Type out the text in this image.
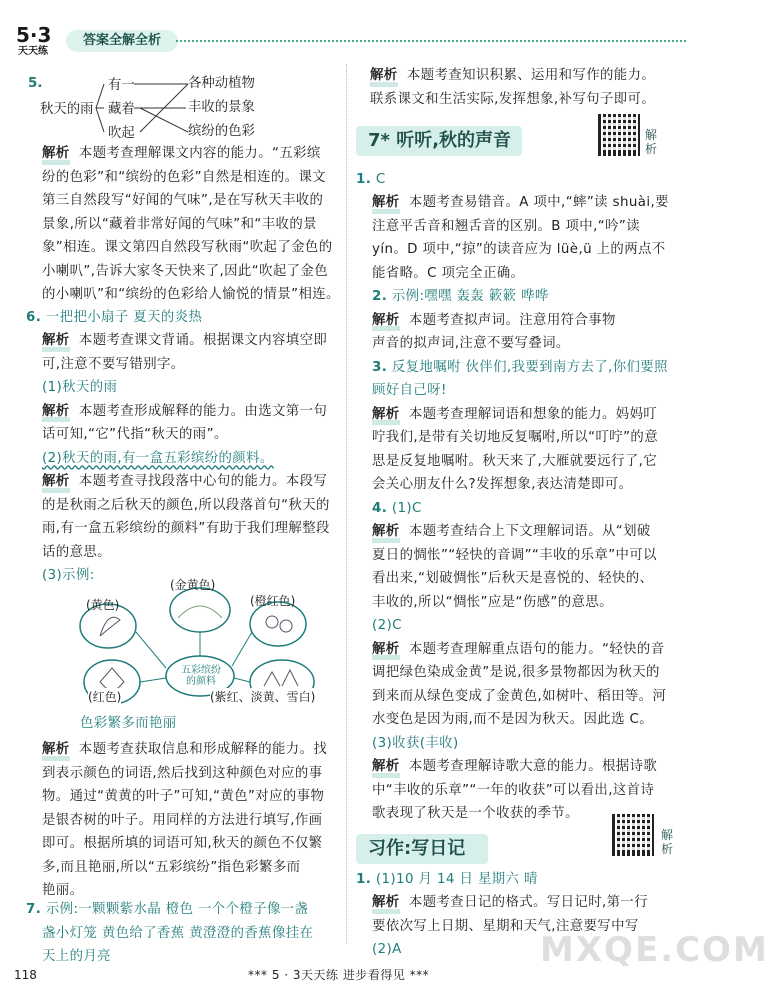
5·3
天天练
答案全解全析
5.
秋天的雨
有一
藏着
吹起
各种动植物
丰收的景象
缤纷的色彩

解析 本题考查理解课文内容的能力。“五彩缤

纷的色彩”和“缤纷的色彩”自然是相连的。课文

第三自然段写“好闻的气味”,是在写秋天丰收的

景象,所以“藏着非常好闻的气味”和“丰收的景

象”相连。课文第四自然段写秋雨“吹起了金色的

小喇叭”,告诉大家冬天快来了,因此“吹起了金色

的小喇叭”和“缤纷的色彩给人愉悦的情景”相连。

6. 一把把小扇子 夏天的炎热

解析 本题考查课文背诵。根据课文内容填空即

可,注意不要写错别字。

(1)秋天的雨

解析 本题考查形成解释的能力。由选文第一句

话可知,“它”代指“秋天的雨”。

(2)秋天的雨,有一盒五彩缤纷的颜料。

解析 本题考查寻找段落中心句的能力。本段写

的是秋雨之后秋天的颜色,所以段落首句“秋天的

雨,有一盒五彩缤纷的颜料”有助于我们理解整段

话的意思。

(3)示例:

五彩缤纷的颜料
(金黄色)
(黄色)	(橙红色)
(红色)	(紫红、淡黄、雪白)

色彩繁多而艳丽

解析 本题考查获取信息和形成解释的能力。找

到表示颜色的词语,然后找到这种颜色对应的事

物。通过“黄黄的叶子”可知,“黄色”对应的事物

是银杏树的叶子。用同样的方法进行填写,作画

即可。根据所填的词语可知,秋天的颜色不仅繁

多,而且艳丽,所以“五彩缤纷”指色彩繁多而

艳丽。

7. 示例:一颗颗紫水晶 橙色 一个个橙子像一盏

盏小灯笼 黄色给了香蕉 黄澄澄的香蕉像挂在

天上的月亮

解析 本题考查知识积累、运用和写作的能力。

联系课文和生活实际,发挥想象,补写句子即可。

7* 听听,秋的声音	解析

1. C

解析 本题考查易错音。A 项中,“蟀”读 shuài,要

注意平舌音和翘舌音的区别。B 项中,“吟”读

yín。D 项中,“掠”的读音应为 lüè,ü 上的两点不

能省略。C 项完全正确。

2. 示例:嘿嘿 轰轰 簌簌 哗哗

解析 本题考查拟声词。注意用符合事物

声音的拟声词,注意不要写叠词。

3. 反复地嘱咐 伙伴们,我要到南方去了,你们要照

顾好自己呀!

解析 本题考查理解词语和想象的能力。妈妈叮

咛我们,是带有关切地反复嘱咐,所以“叮咛”的意

思是反复地嘱咐。秋天来了,大雁就要远行了,它

会关心朋友什么?发挥想象,表达清楚即可。

4. (1)C

解析 本题考查结合上下文理解词语。从“划破

夏日的惆怅”“轻快的音调”“丰收的乐章”中可以

看出来,“划破惆怅”后秋天是喜悦的、轻快的、

丰收的,所以“惆怅”应是“伤感”的意思。

(2)C

解析 本题考查理解重点语句的能力。“轻快的音

调把绿色染成金黄”是说,很多景物都因为秋天的

到来而从绿色变成了金黄色,如树叶、稻田等。河

水变色是因为雨,而不是因为秋天。因此选 C。

(3)收获(丰收)

解析 本题考查理解诗歌大意的能力。根据诗歌

中“丰收的乐章”“一年的收获”可以看出,这首诗

歌表现了秋天是一个收获的季节。

习作:写日记
解析

1. (1)10 月 14 日 星期六 晴

解析 本题考查日记的格式。写日记时,第一行

要依次写上日期、星期和天气,注意要写中写

(2)A

118	*** 5 · 3天天练 进步看得见 ***
MXQE.COM
